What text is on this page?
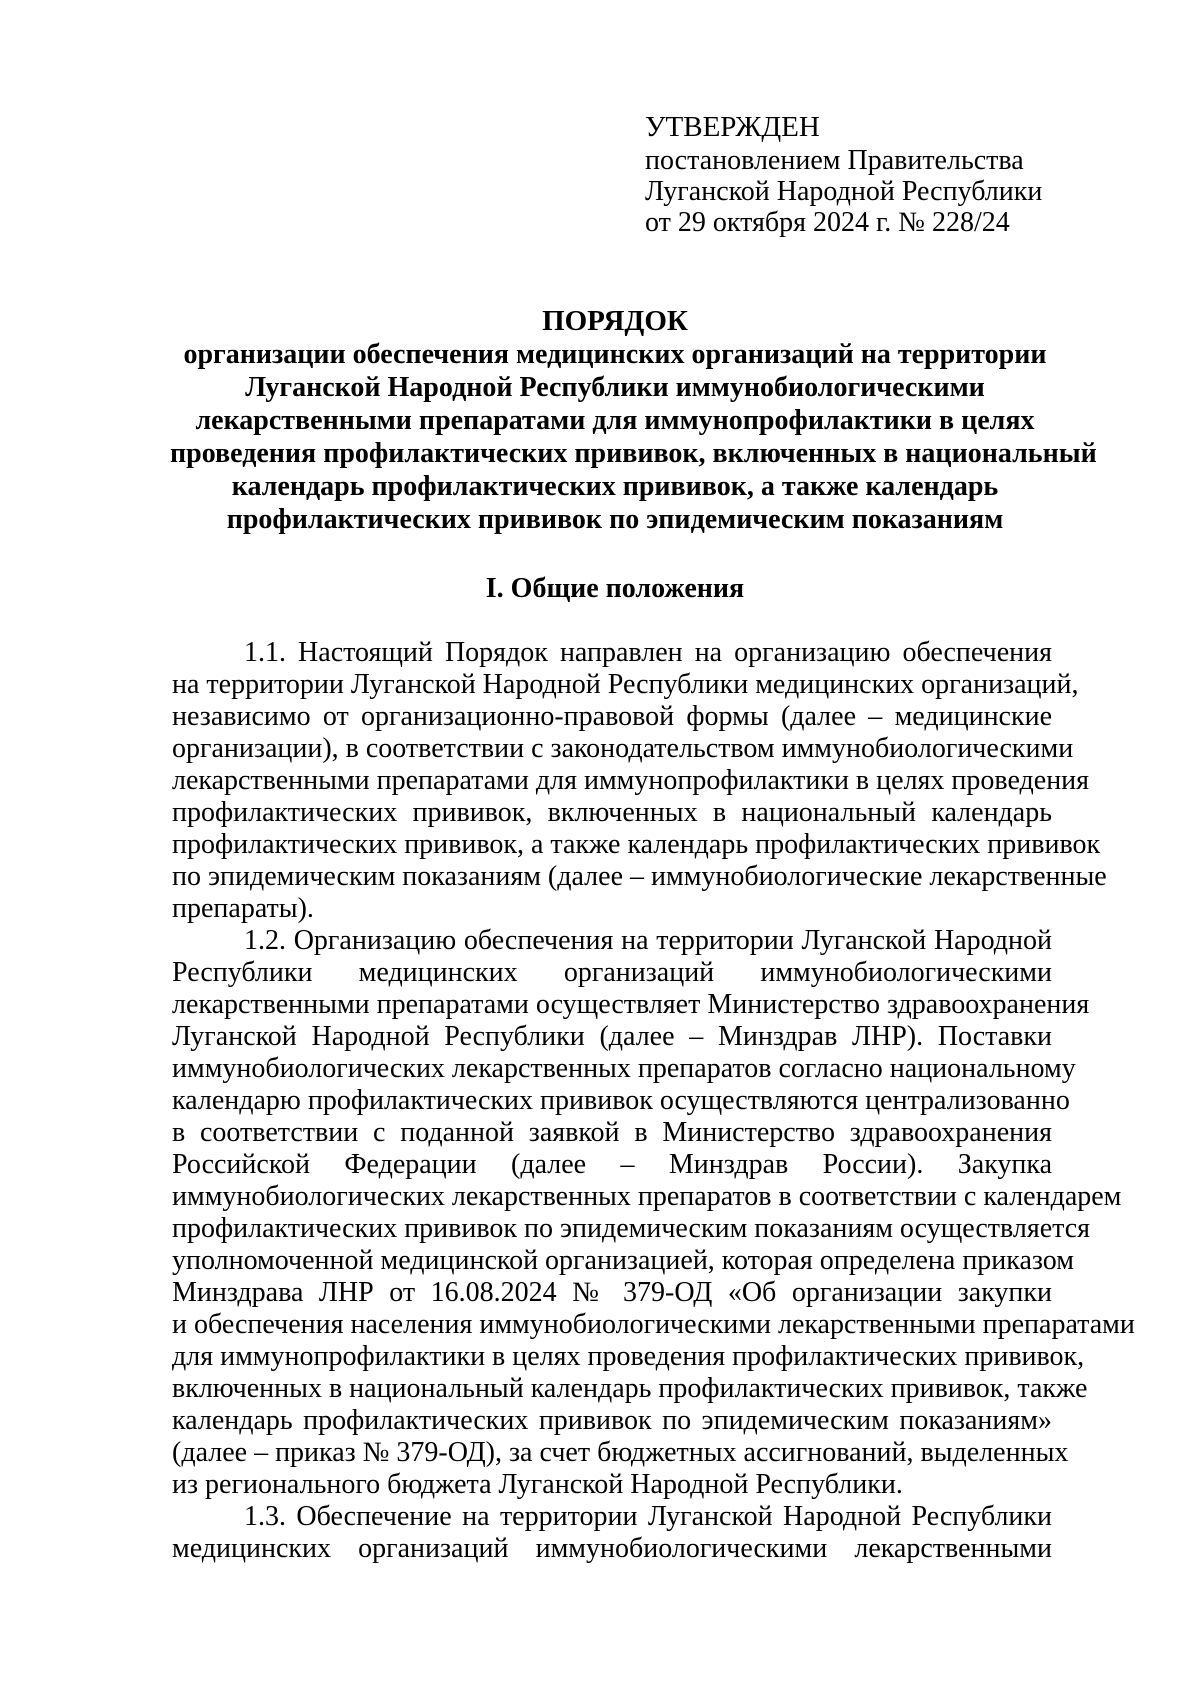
УТВЕРЖДЕН
постановлением Правительства
Луганской Народной Республики
от 29 октября 2024 г. № 228/24
ПОРЯДОК
организации обеспечения медицинских организаций на территории
Луганской Народной Республики иммунобиологическими
лекарственными препаратами для иммунопрофилактики в целях
проведения профилактических прививок, включенных в национальный
календарь профилактических прививок, а также календарь
профилактических прививок по эпидемическим показаниям
I. Общие положения
1.1. Настоящий Порядок направлен на организацию обеспечения
на территории Луганской Народной Республики медицинских организаций,
независимо от организационно-правовой формы (далее – медицинские
организации), в соответствии с законодательством иммунобиологическими
лекарственными препаратами для иммунопрофилактики в целях проведения
профилактических прививок, включенных в национальный календарь
профилактических прививок, а также календарь профилактических прививок
по эпидемическим показаниям (далее – иммунобиологические лекарственные
препараты).
1.2. Организацию обеспечения на территории Луганской Народной
Республики медицинских организаций иммунобиологическими
лекарственными препаратами осуществляет Министерство здравоохранения
Луганской Народной Республики (далее – Минздрав ЛНР). Поставки
иммунобиологических лекарственных препаратов согласно национальному
календарю профилактических прививок осуществляются централизованно
в соответствии с поданной заявкой в Министерство здравоохранения
Российской Федерации (далее – Минздрав России). Закупка
иммунобиологических лекарственных препаратов в соответствии с календарем
профилактических прививок по эпидемическим показаниям осуществляется
уполномоченной медицинской организацией, которая определена приказом
Минздрава ЛНР от 16.08.2024 № 379-ОД «Об организации закупки
и обеспечения населения иммунобиологическими лекарственными препаратами
для иммунопрофилактики в целях проведения профилактических прививок,
включенных в национальный календарь профилактических прививок, также
календарь профилактических прививок по эпидемическим показаниям»
(далее – приказ № 379-ОД), за счет бюджетных ассигнований, выделенных
из регионального бюджета Луганской Народной Республики.
1.3. Обеспечение на территории Луганской Народной Республики
медицинских организаций иммунобиологическими лекарственными
